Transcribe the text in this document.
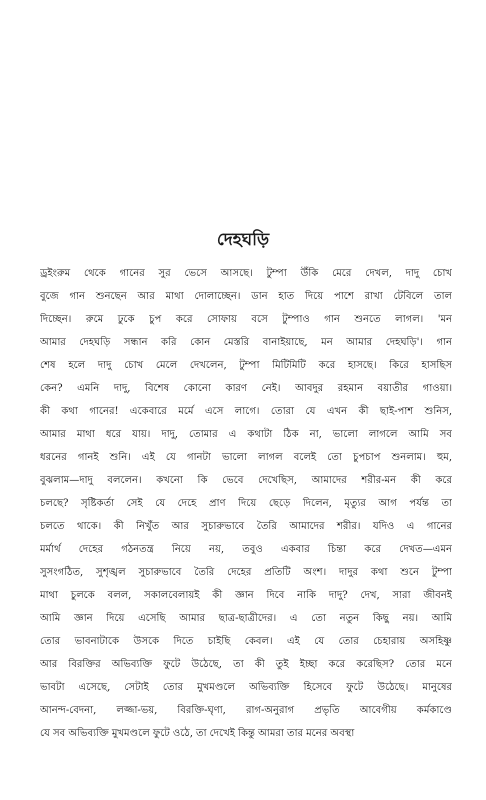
দেহঘড়ি
ড্রইংরুম থেকে গানের সুর ভেসে আসছে। টুম্পা উঁকি মেরে দেখল, দাদু চোখ
বুজে গান শুনছেন আর মাথা দোলাচ্ছেন। ডান হাত দিয়ে পাশে রাখা টেবিলে তাল
দিচ্ছেন। রুমে ঢুকে চুপ করে সোফায় বসে টুম্পাও গান শুনতে লাগল। 'মন
আমার দেহঘড়ি সন্ধান করি কোন মেস্তরি বানাইয়াছে, মন আমার দেহঘড়ি'। গান
শেষ হলে দাদু চোখ মেলে দেখলেন, টুম্পা মিটিমিটি করে হাসছে। কিরে হাসছিস
কেন? এমনি দাদু, বিশেষ কোনো কারণ নেই। আবদুর রহমান বয়াতীর গাওয়া।
কী কথা গানের! একেবারে মর্মে এসে লাগে। তোরা যে এখন কী ছাই-পাশ শুনিস,
আমার মাথা ধরে যায়। দাদু, তোমার এ কথাটা ঠিক না, ভালো লাগলে আমি সব
ধরনের গানই শুনি। এই যে গানটা ভালো লাগল বলেই তো চুপচাপ শুনলাম। হুম,
বুঝলাম—দাদু বললেন। কখনো কি ভেবে দেখেছিস, আমাদের শরীর-মন কী করে
চলছে? সৃষ্টিকর্তা সেই যে দেহে প্রাণ দিয়ে ছেড়ে দিলেন, মৃত্যুর আগ পর্যন্ত তা
চলতে থাকে। কী নিখুঁত আর সুচারুভাবে তৈরি আমাদের শরীর। যদিও এ গানের
মর্মার্থ দেহের গঠনতন্ত্র নিয়ে নয়, তবুও একবার চিন্তা করে দেখত—এমন
সুসংগঠিত, সুশৃঙ্খল সুচারুভাবে তৈরি দেহের প্রতিটি অংশ। দাদুর কথা শুনে টুম্পা
মাথা চুলকে বলল, সকালবেলায়ই কী জ্ঞান দিবে নাকি দাদু? দেখ, সারা জীবনই
আমি জ্ঞান দিয়ে এসেছি আমার ছাত্র-ছাত্রীদের। এ তো নতুন কিছু নয়। আমি
তোর ভাবনাটাকে উসকে দিতে চাইছি কেবল। এই যে তোর চেহারায় অসহিষ্ণু
আর বিরক্তির অভিব্যক্তি ফুটে উঠেছে, তা কী তুই ইচ্ছা করে করেছিস? তোর মনে
ভাবটা এসেছে, সেটাই তোর মুখমণ্ডলে অভিব্যক্তি হিসেবে ফুটে উঠেছে। মানুষের
আনন্দ-বেদনা, লজ্জা-ভয়, বিরক্তি-ঘৃণা, রাগ-অনুরাগ প্রভৃতি আবেগীয় কর্মকাণ্ডে
যে সব অভিব্যক্তি মুখমণ্ডলে ফুটে ওঠে, তা দেখেই কিন্তু আমরা তার মনের অবস্থা
